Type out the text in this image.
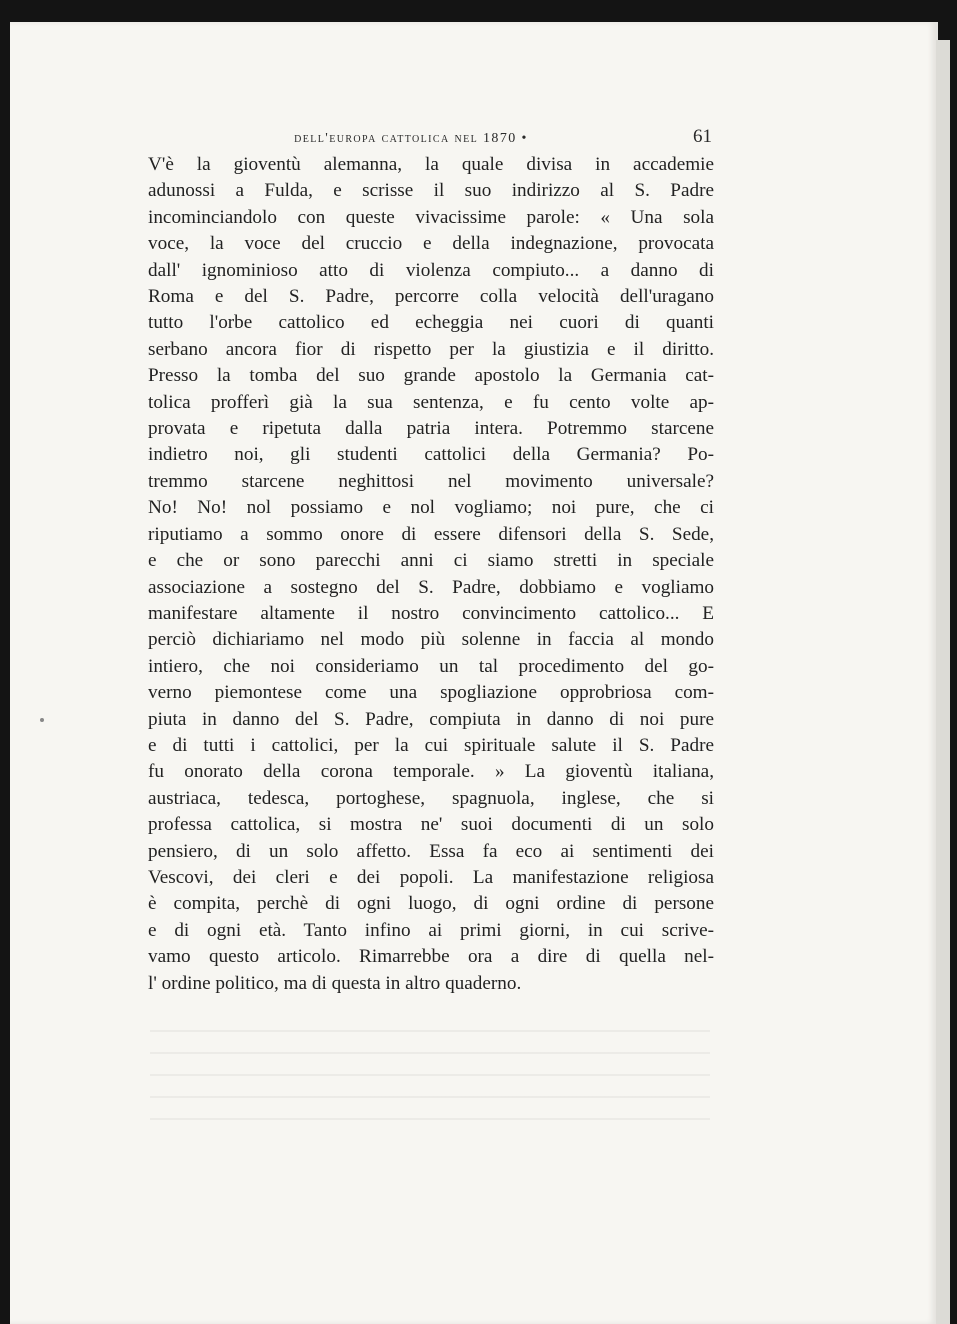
dell'europa cattolica nel 1870 •	61
V'è la gioventù alemanna, la quale divisa in accademie
adunossi a Fulda, e scrisse il suo indirizzo al S. Padre
incominciandolo con queste vivacissime parole: « Una sola
voce, la voce del cruccio e della indegnazione, provocata
dall' ignominioso atto di violenza compiuto... a danno di
Roma e del S. Padre, percorre colla velocità dell'uragano
tutto l'orbe cattolico ed echeggia nei cuori di quanti
serbano ancora fior di rispetto per la giustizia e il diritto.
Presso la tomba del suo grande apostolo la Germania cat-
tolica profferì già la sua sentenza, e fu cento volte ap-
provata e ripetuta dalla patria intera. Potremmo starcene
indietro noi, gli studenti cattolici della Germania? Po-
tremmo starcene neghittosi nel movimento universale?
No! No! nol possiamo e nol vogliamo; noi pure, che ci
riputiamo a sommo onore di essere difensori della S. Sede,
e che or sono parecchi anni ci siamo stretti in speciale
associazione a sostegno del S. Padre, dobbiamo e vogliamo
manifestare altamente il nostro convincimento cattolico... E
perciò dichiariamo nel modo più solenne in faccia al mondo
intiero, che noi consideriamo un tal procedimento del go-
verno piemontese come una spogliazione opprobriosa com-
piuta in danno del S. Padre, compiuta in danno di noi pure
e di tutti i cattolici, per la cui spirituale salute il S. Padre
fu onorato della corona temporale. » La gioventù italiana,
austriaca, tedesca, portoghese, spagnuola, inglese, che si
professa cattolica, si mostra ne' suoi documenti di un solo
pensiero, di un solo affetto. Essa fa eco ai sentimenti dei
Vescovi, dei cleri e dei popoli. La manifestazione religiosa
è compita, perchè di ogni luogo, di ogni ordine di persone
e di ogni età. Tanto infino ai primi giorni, in cui scrive-
vamo questo articolo. Rimarrebbe ora a dire di quella nel-
l' ordine politico, ma di questa in altro quaderno.
